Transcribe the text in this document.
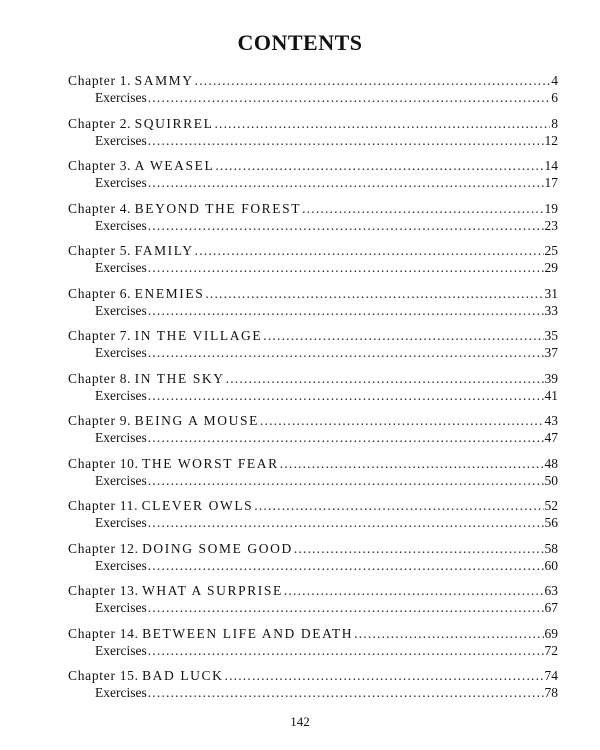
CONTENTS
Chapter 1. SAMMY .....	4
Exercises .....	6
Chapter 2. SQUIRREL .....	8
Exercises .....	12
Chapter 3. A WEASEL .....	14
Exercises .....	17
Chapter 4. BEYOND THE FOREST .....	19
Exercises .....	23
Chapter 5. FAMILY .....	25
Exercises .....	29
Chapter 6. ENEMIES .....	31
Exercises .....	33
Chapter 7. IN THE VILLAGE .....	35
Exercises .....	37
Chapter 8. IN THE SKY .....	39
Exercises .....	41
Chapter 9. BEING A MOUSE .....	43
Exercises .....	47
Chapter 10. THE WORST FEAR .....	48
Exercises .....	50
Chapter 11. CLEVER OWLS .....	52
Exercises .....	56
Chapter 12. DOING SOME GOOD .....	58
Exercises .....	60
Chapter 13. WHAT A SURPRISE .....	63
Exercises .....	67
Chapter 14. BETWEEN LIFE AND DEATH .....	69
Exercises .....	72
Chapter 15. BAD LUCK .....	74
Exercises .....	78
142
